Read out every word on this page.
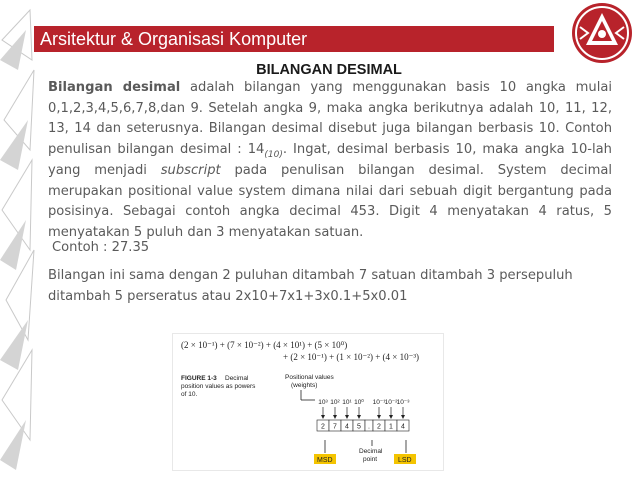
Arsitektur & Organisasi Komputer
BILANGAN DESIMAL
Bilangan desimal adalah bilangan yang menggunakan basis 10 angka mulai 0,1,2,3,4,5,6,7,8,dan 9. Setelah angka 9, maka angka berikutnya adalah 10, 11, 12, 13, 14 dan seterusnya. Bilangan desimal disebut juga bilangan berbasis 10. Contoh penulisan bilangan desimal : $14_{(10)}$. Ingat, desimal berbasis 10, maka angka 10-lah yang menjadi subscript pada penulisan bilangan desimal. System decimal merupakan positional value system dimana nilai dari sebuah digit bergantung pada posisinya. Sebagai contoh angka decimal 453. Digit 4 menyatakan 4 ratus, 5 menyatakan 5 puluh dan 3 menyatakan satuan.
Contoh : 27.35
Bilangan ini sama dengan 2 puluhan ditambah 7 satuan ditambah 3 persepuluh ditambah 5 perseratus atau 2x10+7x1+3x0.1+5x0.01
(2 × 10⁻¹) + (7 × 10⁻²) + (4 × 10¹) + (5 × 10⁰)
+ (2 × 10⁻¹) + (1 × 10⁻²) + (4 × 10⁻³)
FIGURE 1-3 Decimal
position values as powers
of 10.
Positional values
(weights)
10³ 10² 10¹ 10⁰ 10⁻¹ 10⁻² 10⁻³
2 7 4 5 . 2 1 4
MSD	LSD
Decimal
point
